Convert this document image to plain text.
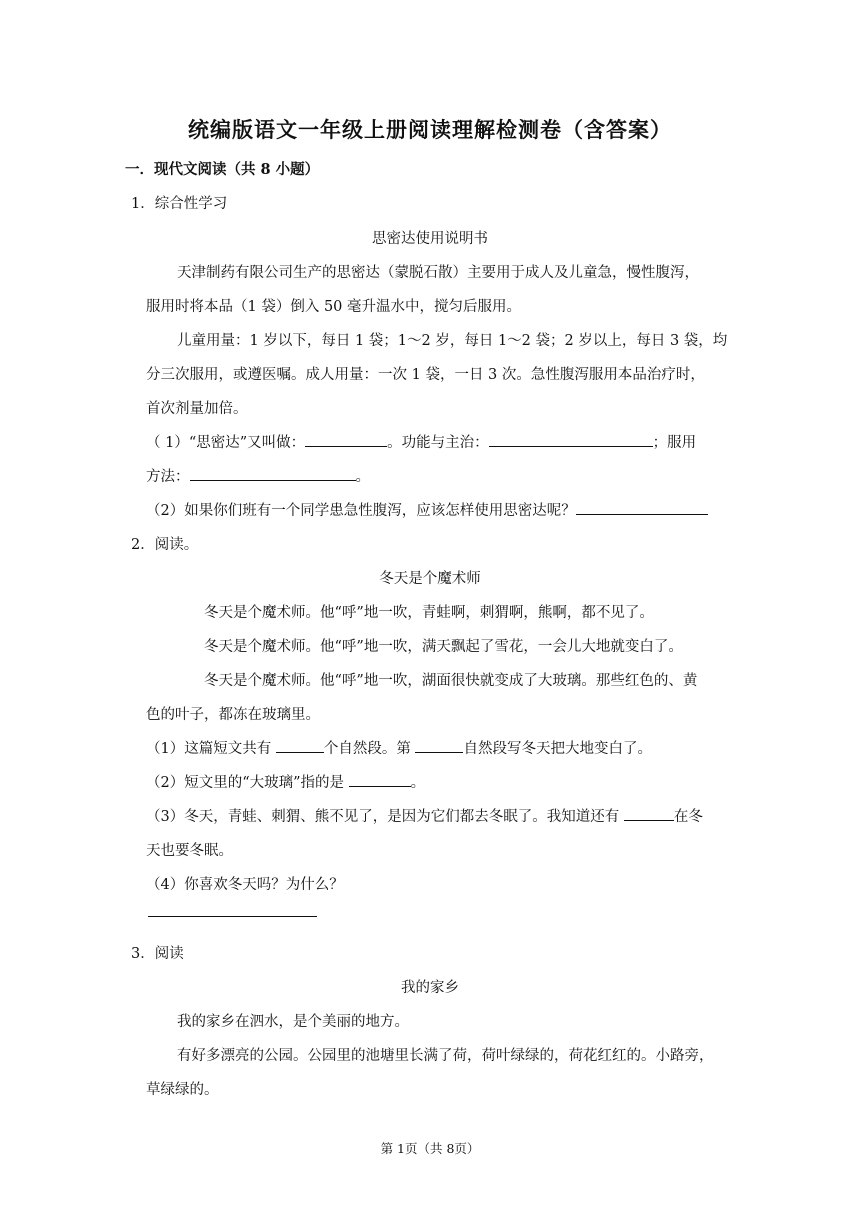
统编版语文一年级上册阅读理解检测卷（含答案）
一．现代文阅读（共 8 小题）
1．综合性学习
思密达使用说明书
天津制药有限公司生产的思密达（蒙脱石散）主要用于成人及儿童急，慢性腹泻，
服用时将本品（1 袋）倒入 50 毫升温水中，搅匀后服用。
儿童用量：1 岁以下，每日 1 袋；1～2 岁，每日 1～2 袋；2 岁以上，每日 3 袋，均
分三次服用，或遵医嘱。成人用量：一次 1 袋，一日 3 次。急性腹泻服用本品治疗时，
首次剂量加倍。
（ 1）“思密达”又叫做：	。功能与主治：	；服用
方法：	。
（2）如果你们班有一个同学患急性腹泻，应该怎样使用思密达呢？
2．阅读。
冬天是个魔术师
冬天是个魔术师。他“呼”地一吹，青蛙啊，刺猬啊，熊啊，都不见了。
冬天是个魔术师。他“呼”地一吹，满天飘起了雪花，一会儿大地就变白了。
冬天是个魔术师。他“呼”地一吹，湖面很快就变成了大玻璃。那些红色的、黄
色的叶子，都冻在玻璃里。
（1）这篇短文共有	个自然段。第	自然段写冬天把大地变白了。
（2）短文里的“大玻璃”指的是	。
（3）冬天，青蛙、刺猬、熊不见了，是因为它们都去冬眠了。我知道还有	在冬
天也要冬眠。
（4）你喜欢冬天吗？为什么？
3．阅读
我的家乡
我的家乡在泗水，是个美丽的地方。
有好多漂亮的公园。公园里的池塘里长满了荷，荷叶绿绿的，荷花红红的。小路旁，
草绿绿的。
第 1页（共 8页）
